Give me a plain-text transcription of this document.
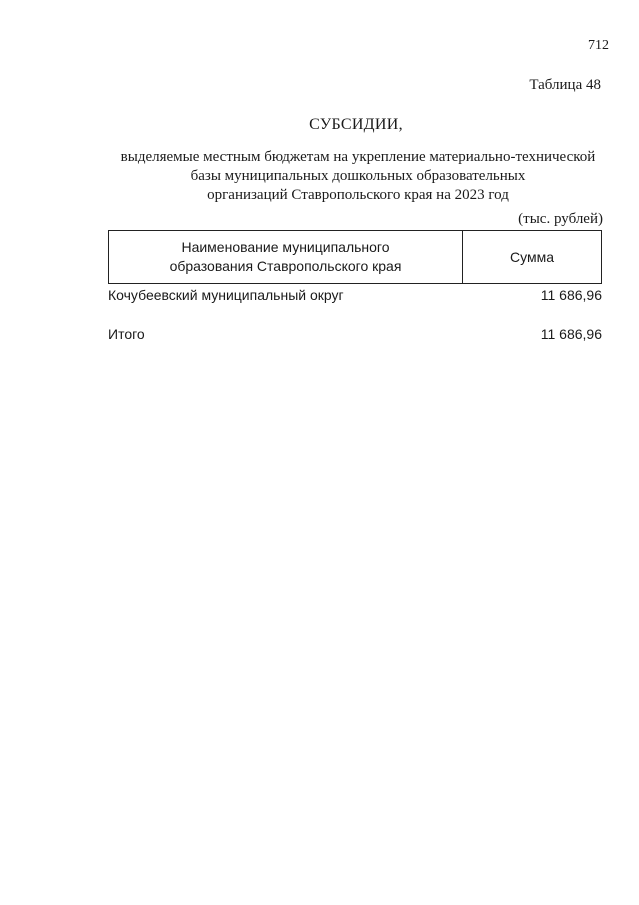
712
Таблица 48
СУБСИДИИ,
выделяемые местным бюджетам на укрепление материально-технической
базы муниципальных дошкольных образовательных
организаций Ставропольского края на 2023 год
(тыс. рублей)
Наименование муниципального
образования Ставропольского края
Сумма
Кочубеевский муниципальный округ	11 686,96
Итого	11 686,96
